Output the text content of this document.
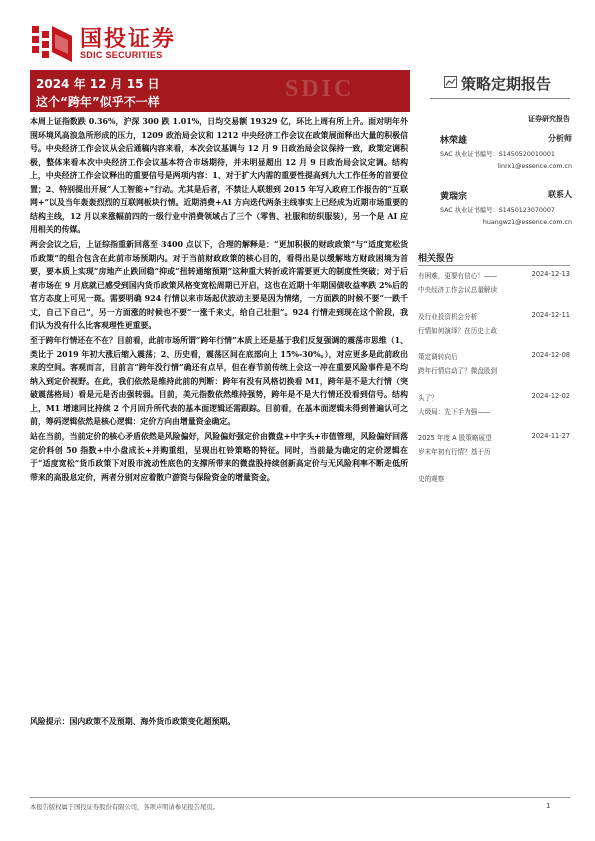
国投证券
SDIC SECURITIES
SDIC
2024 年 12 月 15 日
这个“跨年”似乎不一样
策略定期报告
证券研究报告
林荣雄	分析师
SAC 执业证书编号：S1450520010001
linrx1@essence.com.cn
黄瑞宗	联系人
SAC 执业证书编号：S1450123070007
huangwz1@essence.com.cn
相关报告
有困难，更要有信心！——	2024-12-13
中央经济工作会议总量解读
及行业投资机会分析	2024-12-11
行情如何演绎？在历史上政
策定调转向后	2024-12-08
跨年行情启动了？微盘股到
头了？	2024-12-02
大级局：先下手为强——
2025 年度 A 股策略展望	2024-11-27
岁末年初有行情？基于历
史的观察

本周上证指数跌 0.36%，沪深 300 跌 1.01%，日均交易额 19329 亿，环比上周有所上升。面对明年外围环境风高浪急所形成的压力，1209 政治局会议和 1212 中央经济工作会议在政策展面释出大量的积极信号。中央经济工作会议从会后通稿内容来看，本次会议基调与 12 月 9 日政治局会议保持一致，政策定调积极，整体来看本次中央经济工作会议基本符合市场期待，并未明显超出 12 月 9 日政治局会议定调。结构上，中央经济工作会议释出的重要信号是两项内容：1、对于扩大内需的重要性提高到九大工作任务的首要位置；2、特别提出开展“人工智能+”行动。尤其是后者，不禁让人联想到 2015 年写入政府工作报告的“互联网+”以及当年轰轰烈烈的互联网板块行情。近期消费+AI 方向迭代两条主线事实上已经成为近期市场重要的结构主线，12 月以来涨幅前四的一级行业中消费领域占了三个（零售、社服和纺织服装），另一个是 AI 应用相关的传媒。

两会会议之后，上证综指重新回落至 3400 点以下，合理的解释是：“更加积极的财政政策”与“适度宽松货币政策”的组合包含在此前市场预期内。对于当前财政政策的核心目的，看得出是以缓解地方财政困境为首要，要本质上实现“房地产止跌回稳”抑或“扭转通缩预期”这种重大转折或许需要更大的制度性突破；对于后者市场在 9 月底就已感受到国内货币政策风格变宽松周期已开启，这也在近期十年期国债收益率跌 2%后的官方态度上可见一斑。需要明确 924 行情以来市场起伏波动主要是因为情绪，一方面跌的时候不要“一跌千丈，自己下自己”，另一方面涨的时候也不要“一涨千来丈，给自己壮胆”。924 行情走到现在这个阶段，我们认为没有什么比客观理性更重要。

至于跨年行情还在不在？目前看，此前市场所谓“跨年行情”本质上还是基于我们反复强调的震荡市思维（1、类比于 2019 年初大涨后缩入震荡；2、历史看，震荡区间在底部向上 15%-30%。），对应更多是此前政出来的空间。客观而言，目前言“跨年没行情”确还有点早，但在春节前传统上会这一冲在重要风险事件是不均纳入到定价视野。在此，我们依然是维持此前的判断：跨年有没有风格切换看 M1，跨年是不是大行情（突破震荡格局）看是元是否由强转弱。目前，美元指数依然维持强势，跨年是不是大行情还没看到信号。结构上，M1 增速同比持续 2 个月回升所代表的基本面逻辑还需跟踪。目前看，在基本面逻辑未得到普遍认可之前，筹码逻辑依然是核心逻辑：定价方向由增量资金确定。

站在当前，当前定价的核心矛盾依然是风险偏好，风险偏好强定价由微盘+中字头+市值管理，风险偏好回落定价科创 50 指数+中小盘成长+并购重组，呈现出杠铃策略的特征。同时，当前最为确定的定价逻辑在于“适度宽松”货币政策下对股市流动性底色的支撑所带来的微盘股持续创新高定价与无风险利率不断走低所带来的高股息定价，两者分别对应着散户游资与保险资金的增量资金。

风险提示：国内政策不及预期、海外货币政策变化超预期。
本报告版权属于国投证券股份有限公司，各项声明请参见报告尾页。	1
